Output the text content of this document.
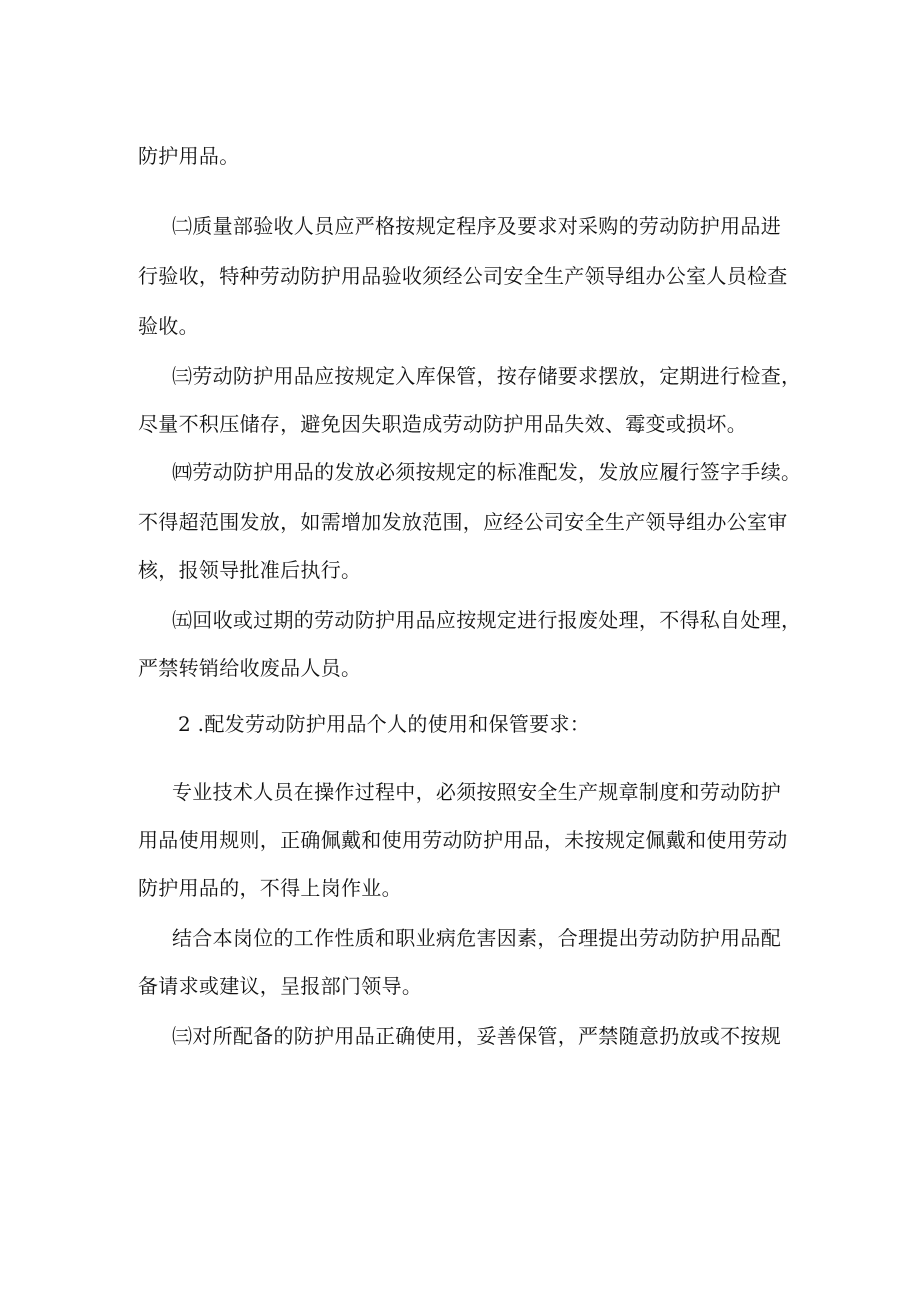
防护用品。
㈡质量部验收人员应严格按规定程序及要求对采购的劳动防护用品进
行验收，特种劳动防护用品验收须经公司安全生产领导组办公室人员检查
验收。
㈢劳动防护用品应按规定入库保管，按存储要求摆放，定期进行检查，
尽量不积压储存，避免因失职造成劳动防护用品失效、霉变或损坏。
㈣劳动防护用品的发放必须按规定的标准配发，发放应履行签字手续。
不得超范围发放，如需增加发放范围，应经公司安全生产领导组办公室审
核，报领导批准后执行。
㈤回收或过期的劳动防护用品应按规定进行报废处理，不得私自处理，
严禁转销给收废品人员。
2 .配发劳动防护用品个人的使用和保管要求：
专业技术人员在操作过程中，必须按照安全生产规章制度和劳动防护
用品使用规则，正确佩戴和使用劳动防护用品，未按规定佩戴和使用劳动
防护用品的，不得上岗作业。
结合本岗位的工作性质和职业病危害因素，合理提出劳动防护用品配
备请求或建议，呈报部门领导。
㈢对所配备的防护用品正确使用，妥善保管，严禁随意扔放或不按规
